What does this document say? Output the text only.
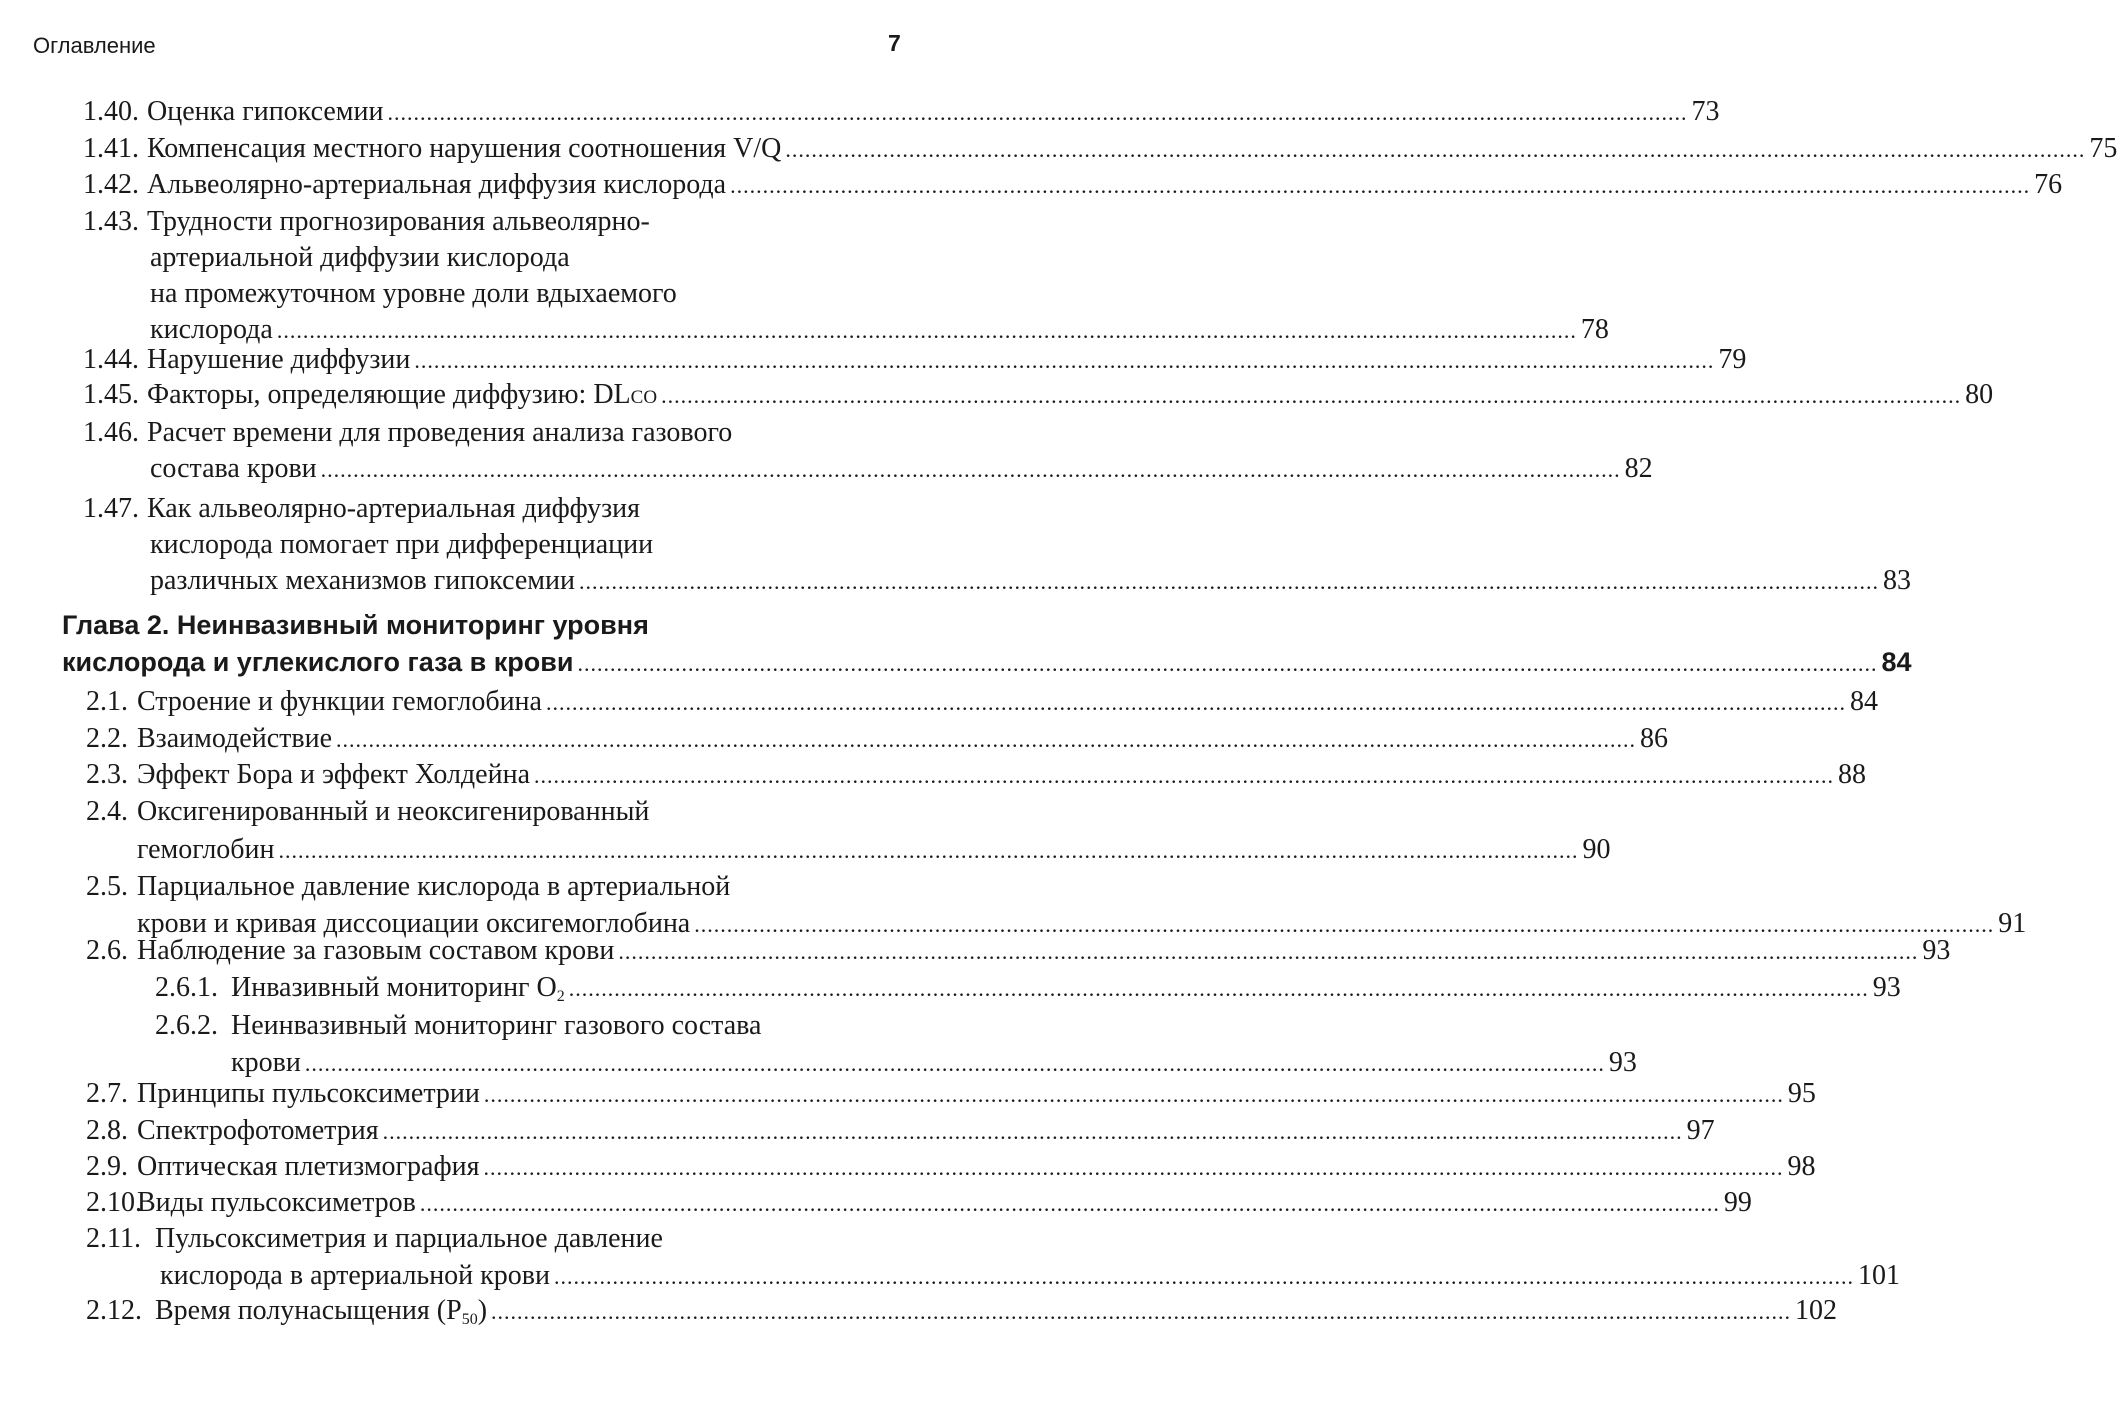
Оглавление	7
1.40. Оценка гипоксемии ........................................................................................................................................................................................................ 73
1.41. Компенсация местного нарушения соотношения V/Q ........................................................................................................................................................................................................ 75
1.42. Альвеолярно-артериальная диффузия кислорода ........................................................................................................................................................................................................ 76
1.43. Трудности прогнозирования альвеолярно-
артериальной диффузии кислорода
на промежуточном уровне доли вдыхаемого
кислорода ........................................................................................................................................................................................................ 78
1.44. Нарушение диффузии ........................................................................................................................................................................................................ 79
1.45. Факторы, определяющие диффузию: DLCO ........................................................................................................................................................................................................ 80
1.46. Расчет времени для проведения анализа газового
состава крови ........................................................................................................................................................................................................ 82
1.47. Как альвеолярно-артериальная диффузия
кислорода помогает при дифференциации
различных механизмов гипоксемии ........................................................................................................................................................................................................ 83
Глава 2. Неинвазивный мониторинг уровня
кислорода и углекислого газа в крови ........................................................................................................................................................................................................ 84
2.1. Строение и функции гемоглобина ........................................................................................................................................................................................................ 84
2.2. Взаимодействие ........................................................................................................................................................................................................ 86
2.3. Эффект Бора и эффект Холдейна ........................................................................................................................................................................................................ 88
2.4. Оксигенированный и неоксигенированный
гемоглобин ........................................................................................................................................................................................................ 90
2.5. Парциальное давление кислорода в артериальной
крови и кривая диссоциации оксигемоглобина ........................................................................................................................................................................................................ 91
2.6. Наблюдение за газовым составом крови ........................................................................................................................................................................................................ 93
2.6.1. Инвазивный мониторинг $O_2$ ........................................................................................................................................................................................................ 93
2.6.2. Неинвазивный мониторинг газового состава
крови ........................................................................................................................................................................................................ 93
2.7. Принципы пульсоксиметрии ........................................................................................................................................................................................................ 95
2.8. Спектрофотометрия ........................................................................................................................................................................................................ 97
2.9. Оптическая плетизмография ........................................................................................................................................................................................................ 98
2.10.
Виды пульсоксиметров ........................................................................................................................................................................................................ 99
2.11. Пульсоксиметрия и парциальное давление
кислорода в артериальной крови ........................................................................................................................................................................................................ 101
2.12. Время полунасыщения $(P_{50})$ ........................................................................................................................................................................................................ 102
